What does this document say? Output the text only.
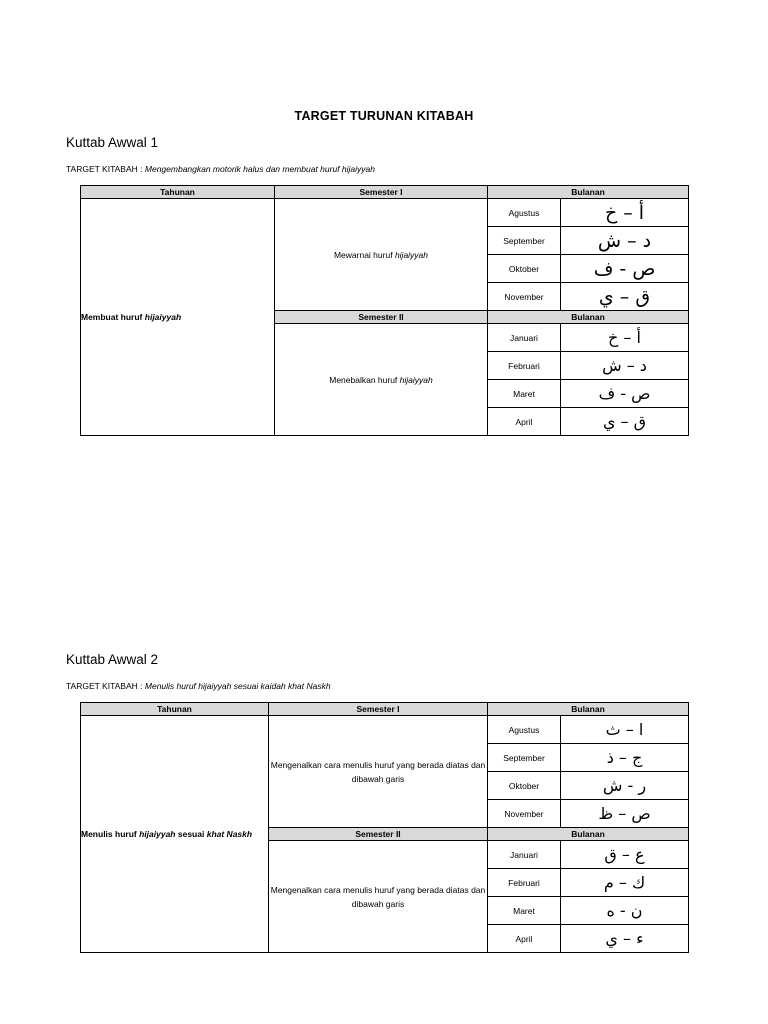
TARGET TURUNAN KITABAH
Kuttab Awwal 1
TARGET KITABAH : Mengembangkan motorik halus dan membuat huruf hijaiyyah
Tahunan	Semester I	Bulanan	
Membuat huruf hijaiyyah	Mewarnai huruf hijaiyyah	Agustus	أ – خ
		September	د – ش
		Oktober	ص - ف
		November	ق – ي
	Semester II	Bulanan	
	Menebalkan huruf hijaiyyah	Januari	أ – خ
		Februari	د – ش
		Maret	ص - ف
		April	ق – ي
Kuttab Awwal 2
TARGET KITABAH : Menulis huruf hijaiyyah sesuai kaidah khat Naskh
Tahunan	Semester I	Bulanan	
Menulis huruf hijaiyyah sesuai khat Naskh	Mengenalkan cara menulis huruf yang berada diatas dan dibawah garis	Agustus	ا – ث
		September	ج – ذ
		Oktober	ر - ش
		November	ص – ظ
	Semester II	Bulanan	
	Mengenalkan cara menulis huruf yang berada diatas dan dibawah garis	Januari	ع – ق
		Februari	ك – م
		Maret	ن - ه
		April	ء – ي
